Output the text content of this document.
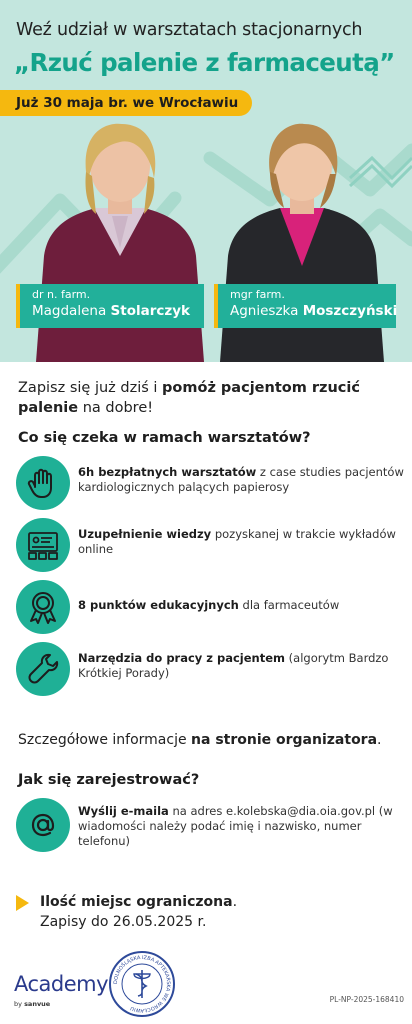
Weź udział w warsztatach stacjonarnych
„Rzuć palenie z farmaceutą”
Już 30 maja br. we Wrocławiu
dr n. farm.
Magdalena Stolarczyk
mgr farm.
Agnieszka Moszczyński
Zapisz się już dziś i pomóż pacjentom rzucić palenie na dobre!
Co się czeka w ramach warsztatów?
6h bezpłatnych warsztatów z case studies pacjentów kardiologicznych palących papierosy
Uzupełnienie wiedzy pozyskanej w trakcie wykładów online
8 punktów edukacyjnych dla farmaceutów
Narzędzia do pracy z pacjentem (algorytm Bardzo Krótkiej Porady)
Szczegółowe informacje na stronie organizatora.
Jak się zarejestrować?
Wyślij e-maila na adres e.kolebska@dia.oia.gov.pl (w wiadomości należy podać imię i nazwisko, numer telefonu)
Ilość miejsc ograniczona.
Zapisy do 26.05.2025 r.
Academy
by sanvue
DOLNOŚLĄSKA IZBA APTEKARSKA WE WROCŁAWIU
PL-NP-2025-168410
